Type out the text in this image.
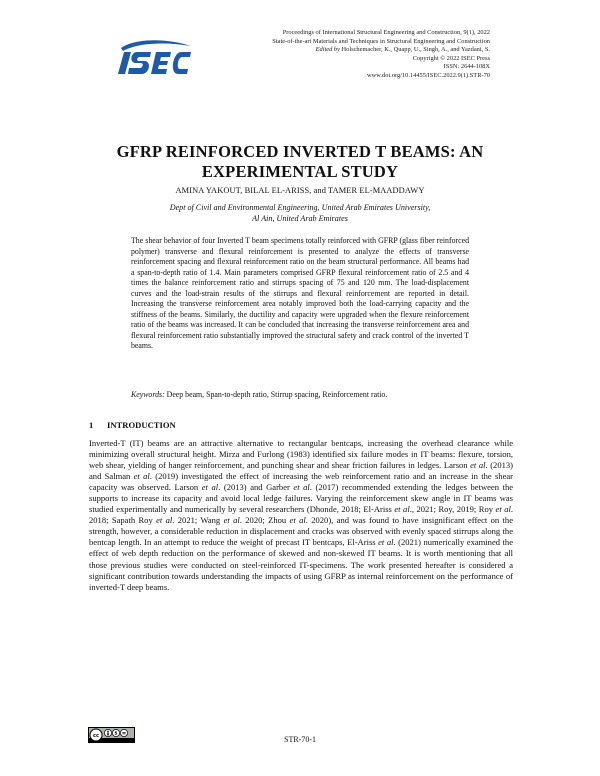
Proceedings of International Structural Engineering and Construction, 9(1), 2022
State-of-the-art Materials and Techniques in Structural Engineering and Construction
Edited by Holschemacher, K., Quapp, U., Singh, A., and Yazdani, S.
Copyright © 2022 ISEC Press
ISSN: 2644-108X
www.doi.org/10.14455/ISEC.2022.9(1).STR-70
GFRP REINFORCED INVERTED T BEAMS: AN
EXPERIMENTAL STUDY
AMINA YAKOUT, BILAL EL-ARISS, and TAMER EL-MAADDAWY
Dept of Civil and Environmental Engineering, United Arab Emirates University,
Al Ain, United Arab Emirates
The shear behavior of four Inverted T beam specimens totally reinforced with GFRP (glass fiber reinforced polymer) transverse and flexural reinforcement is presented to analyze the effects of transverse reinforcement spacing and flexural reinforcement ratio on the beam structural performance. All beams had a span-to-depth ratio of 1.4. Main parameters comprised GFRP flexural reinforcement ratio of 2.5 and 4 times the balance reinforcement ratio and stirrups spacing of 75 and 120 mm. The load-displacement curves and the load-strain results of the stirrups and flexural reinforcement are reported in detail. Increasing the transverse reinforcement area notably improved both the load-carrying capacity and the stiffness of the beams. Similarly, the ductility and capacity were upgraded when the flexure reinforcement ratio of the beams was increased. It can be concluded that increasing the transverse reinforcement area and flexural reinforcement ratio substantially improved the structural safety and crack control of the inverted T beams.
Keywords: Deep beam, Span-to-depth ratio, Stirrup spacing, Reinforcement ratio.
1 INTRODUCTION
Inverted-T (IT) beams are an attractive alternative to rectangular bentcaps, increasing the overhead clearance while minimizing overall structural height. Mirza and Furlong (1983) identified six failure modes in IT beams: flexure, torsion, web shear, yielding of hanger reinforcement, and punching shear and shear friction failures in ledges. Larson et al. (2013) and Salman et al. (2019) investigated the effect of increasing the web reinforcement ratio and an increase in the shear capacity was observed. Larson et al. (2013) and Garber et al. (2017) recommended extending the ledges between the supports to increase its capacity and avoid local ledge failures. Varying the reinforcement skew angle in IT beams was studied experimentally and numerically by several researchers (Dhonde, 2018; El-Ariss et al., 2021; Roy, 2019; Roy et al. 2018; Sapath Roy et al. 2021; Wang et al. 2020; Zhou et al. 2020), and was found to have insignificant effect on the strength, however, a considerable reduction in displacement and cracks was observed with evenly spaced stirrups along the bentcap length. In an attempt to reduce the weight of precast IT bentcaps, El-Ariss et al. (2021) numerically examined the effect of web depth reduction on the performance of skewed and non-skewed IT beams. It is worth mentioning that all those previous studies were conducted on steel-reinforced IT-specimens. The work presented hereafter is considered a significant contribution towards understanding the impacts of using GFRP as internal reinforcement on the performance of inverted-T deep beams.
cc	$
STR-70-1
